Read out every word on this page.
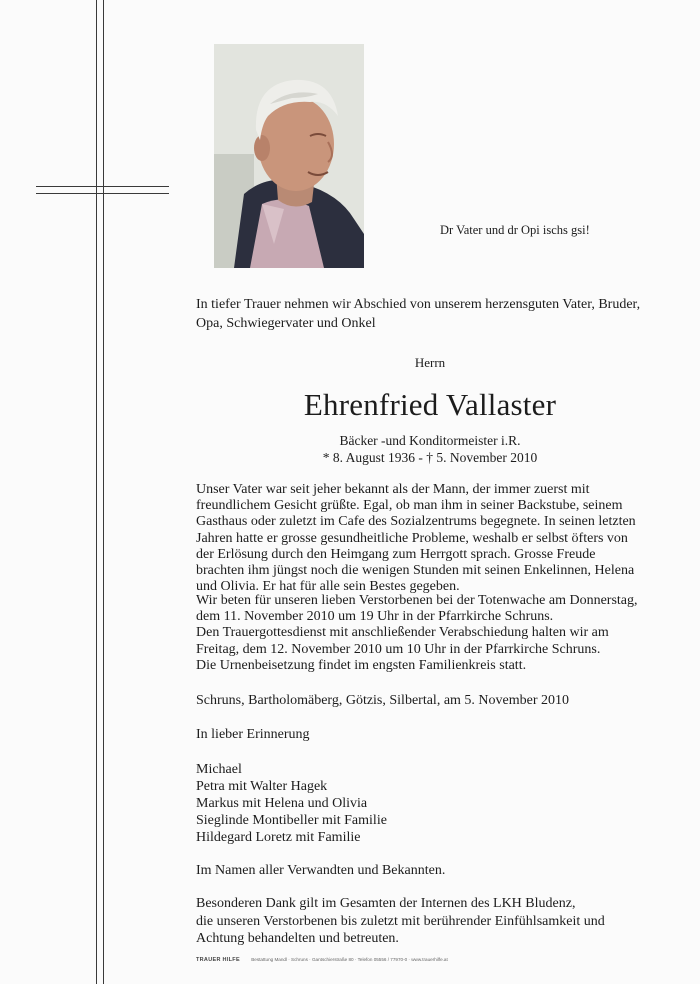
Dr Vater und dr Opi ischs gsi!
In tiefer Trauer nehmen wir Abschied von unserem herzensguten Vater, Bruder,
Opa, Schwiegervater und Onkel
Herrn
Ehrenfried Vallaster
Bäcker -und Konditormeister i.R.
* 8. August 1936 - † 5. November 2010
Unser Vater war seit jeher bekannt als der Mann, der immer zuerst mit
freundlichem Gesicht grüßte. Egal, ob man ihm in seiner Backstube, seinem
Gasthaus oder zuletzt im Cafe des Sozialzentrums begegnete. In seinen letzten
Jahren hatte er grosse gesundheitliche Probleme, weshalb er selbst öfters von
der Erlösung durch den Heimgang zum Herrgott sprach. Grosse Freude
brachten ihm jüngst noch die wenigen Stunden mit seinen Enkelinnen, Helena
und Olivia. Er hat für alle sein Bestes gegeben.
Wir beten für unseren lieben Verstorbenen bei der Totenwache am Donnerstag,
dem 11. November 2010 um 19 Uhr in der Pfarrkirche Schruns.
Den Trauergottesdienst mit anschließender Verabschiedung halten wir am
Freitag, dem 12. November 2010 um 10 Uhr in der Pfarrkirche Schruns.
Die Urnenbeisetzung findet im engsten Familienkreis statt.
Schruns, Bartholomäberg, Götzis, Silbertal, am 5. November 2010
In lieber Erinnerung
Michael
Petra mit Walter Hagek
Markus mit Helena und Olivia
Sieglinde Montibeller mit Familie
Hildegard Loretz mit Familie
Im Namen aller Verwandten und Bekannten.
Besonderen Dank gilt im Gesamten der Internen des LKH Bludenz,
die unseren Verstorbenen bis zuletzt mit berührender Einfühlsamkeit und
Achtung behandelten und betreuten.
TRAUER HILFE Bestattung Mandl · Schruns · Gantschierstraße 80 · Telefon 05556 / 77970-0 · www.trauerhilfe.at
